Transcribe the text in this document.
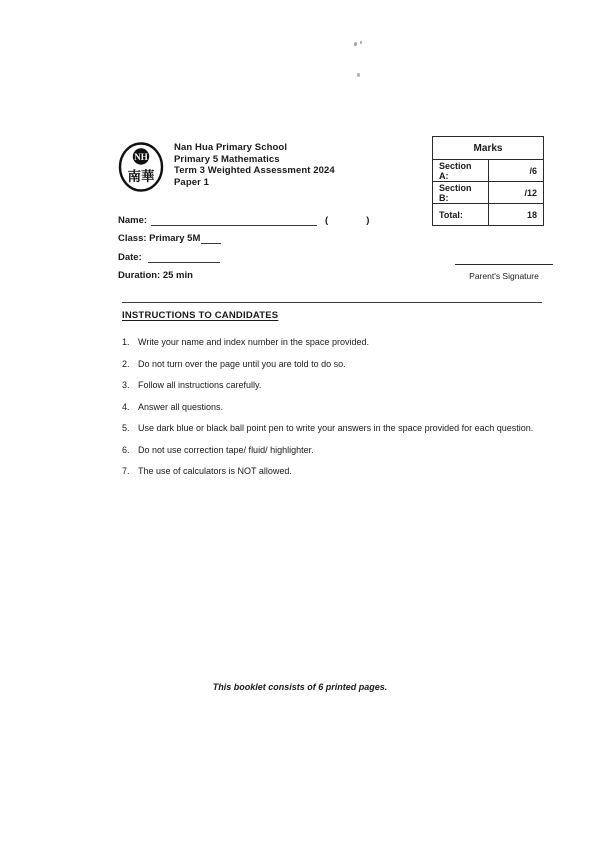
NH
南華
Nan Hua Primary School
Primary 5 Mathematics
Term 3 Weighted Assessment 2024
Paper 1
Marks	
Section A:	/6
Section B:	/12
Total:	18
Name:	(	)
Class: Primary 5M
Date:
Duration: 25 min	Parent's Signature
INSTRUCTIONS TO CANDIDATES
1. Write your name and index number in the space provided.
2. Do not turn over the page until you are told to do so.
3. Follow all instructions carefully.
4. Answer all questions.
5. Use dark blue or black ball point pen to write your answers in the space provided for each question.
6. Do not use correction tape/ fluid/ highlighter.
7. The use of calculators is NOT allowed.
This booklet consists of 6 printed pages.
